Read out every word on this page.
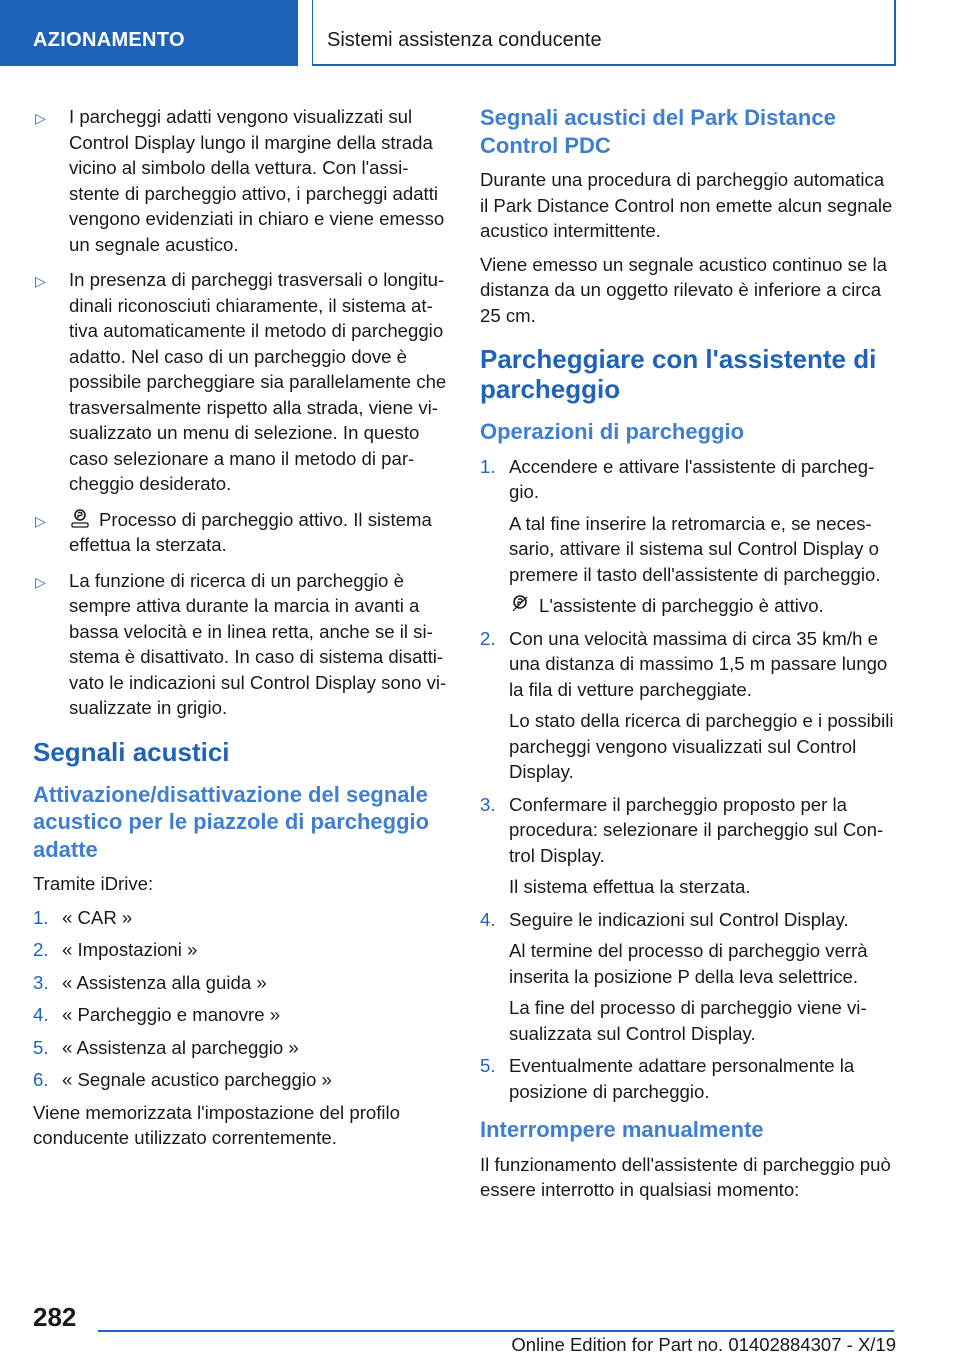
AZIONAMENTO	Sistemi assistenza conducente
▷ I parcheggi adatti vengono visualizzati sul Control Display lungo il margine della strada vicino al simbolo della vettura. Con l'assistente di parcheggio attivo, i parcheggi adatti vengono evidenziati in chiaro e viene emesso un segnale acustico.
▷ In presenza di parcheggi trasversali o longitudinali riconosciuti chiaramente, il sistema attiva automaticamente il metodo di parcheggio adatto. Nel caso di un parcheggio dove è possibile parcheggiare sia parallelamente che trasversalmente rispetto alla strada, viene visualizzato un menu di selezione. In questo caso selezionare a mano il metodo di parcheggio desiderato.
▷	Processo di parcheggio attivo. Il sistema effettua la sterzata.
▷ La funzione di ricerca di un parcheggio è sempre attiva durante la marcia in avanti a bassa velocità e in linea retta, anche se il sistema è disattivato. In caso di sistema disattivato le indicazioni sul Control Display sono visualizzate in grigio.
Segnali acustici
Attivazione/disattivazione del segnale acustico per le piazzole di parcheggio adatte

Tramite iDrive:

1. « CAR »
2. « Impostazioni »
3. « Assistenza alla guida »
4. « Parcheggio e manovre »
5. « Assistenza al parcheggio »
6. « Segnale acustico parcheggio »

Viene memorizzata l'impostazione del profilo conducente utilizzato correntemente.

Segnali acustici del Park Distance Control PDC

Durante una procedura di parcheggio automatica il Park Distance Control non emette alcun segnale acustico intermittente.

Viene emesso un segnale acustico continuo se la distanza da un oggetto rilevato è inferiore a circa 25 cm.

Parcheggiare con l'assistente di parcheggio
Operazioni di parcheggio
1. Accendere e attivare l'assistente di parcheggio.
A tal fine inserire la retromarcia e, se necessario, attivare il sistema sul Control Display o premere il tasto dell'assistente di parcheggio.
L'assistente di parcheggio è attivo.
2. Con una velocità massima di circa 35 km/h e una distanza di massimo 1,5 m passare lungo la fila di vetture parcheggiate.
Lo stato della ricerca di parcheggio e i possibili parcheggi vengono visualizzati sul Control Display.
3. Confermare il parcheggio proposto per la procedura: selezionare il parcheggio sul Control Display.
Il sistema effettua la sterzata.
4. Seguire le indicazioni sul Control Display.
Al termine del processo di parcheggio verrà inserita la posizione P della leva selettrice.
La fine del processo di parcheggio viene visualizzata sul Control Display.
5. Eventualmente adattare personalmente la posizione di parcheggio.
Interrompere manualmente

Il funzionamento dell'assistente di parcheggio può essere interrotto in qualsiasi momento:

282
Online Edition for Part no. 01402884307 - X/19
